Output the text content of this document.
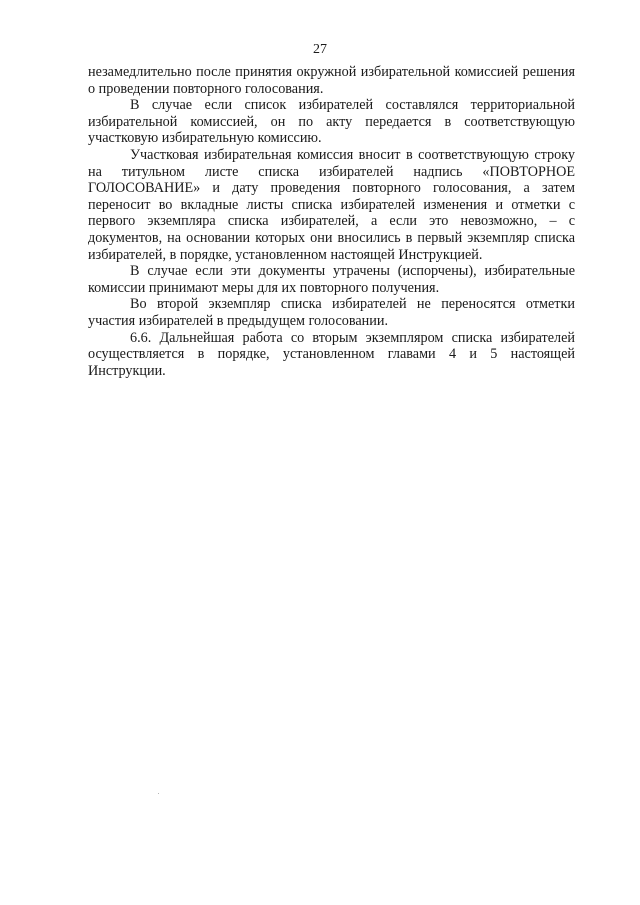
27

незамедлительно после принятия окружной избирательной комиссией решения о проведении повторного голосования.

В случае если список избирателей составлялся территориальной избирательной комиссией, он по акту передается в соответствующую участковую избирательную комиссию.

Участковая избирательная комиссия вносит в соответствующую строку на титульном листе списка избирателей надпись «ПОВТОРНОЕ ГОЛОСОВАНИЕ» и дату проведения повторного голосования, а затем переносит во вкладные листы списка избирателей изменения и отметки с первого экземпляра списка избирателей, а если это невозможно, – с документов, на основании которых они вносились в первый экземпляр списка избирателей, в порядке, установленном настоящей Инструкцией.

В случае если эти документы утрачены (испорчены), избирательные комиссии принимают меры для их повторного получения.

Во второй экземпляр списка избирателей не переносятся отметки участия избирателей в предыдущем голосовании.

6.6. Дальнейшая работа со вторым экземпляром списка избирателей осуществляется в порядке, установленном главами 4 и 5 настоящей Инструкции.
